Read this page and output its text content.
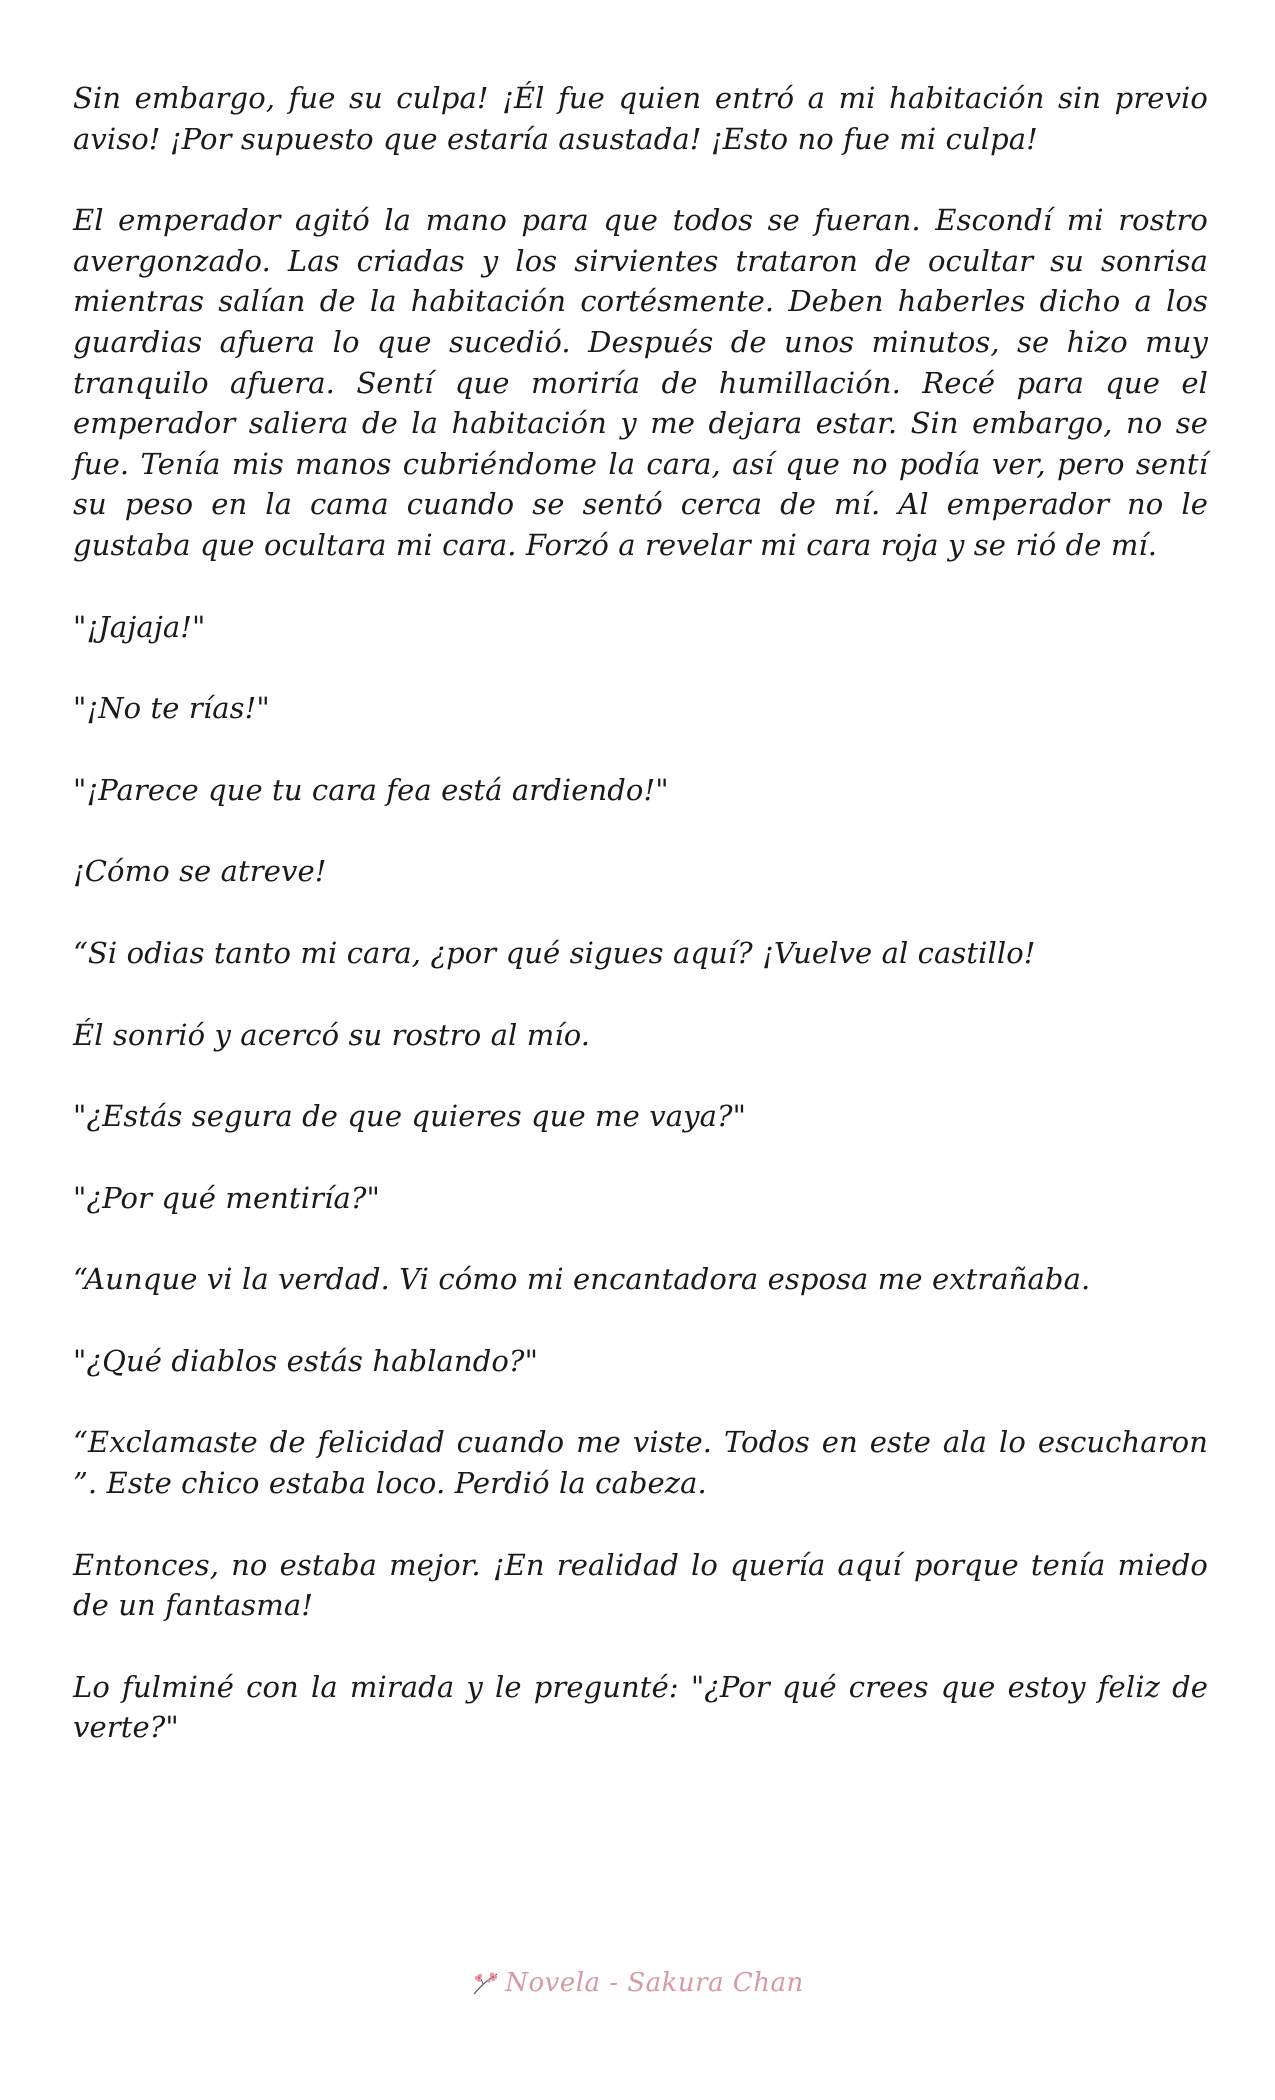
Sin embargo, fue su culpa! ¡Él fue quien entró a mi habitación sin previo aviso! ¡Por supuesto que estaría asustada! ¡Esto no fue mi culpa!

El emperador agitó la mano para que todos se fueran. Escondí mi rostro avergonzado. Las criadas y los sirvientes trataron de ocultar su sonrisa mientras salían de la habitación cortésmente. Deben haberles dicho a los guardias afuera lo que sucedió. Después de unos minutos, se hizo muy tranquilo afuera. Sentí que moriría de humillación. Recé para que el emperador saliera de la habitación y me dejara estar. Sin embargo, no se fue. Tenía mis manos cubriéndome la cara, así que no podía ver, pero sentí su peso en la cama cuando se sentó cerca de mí. Al emperador no le gustaba que ocultara mi cara. Forzó a revelar mi cara roja y se rió de mí.

"¡Jajaja!"

"¡No te rías!"

"¡Parece que tu cara fea está ardiendo!"

¡Cómo se atreve!

“Si odias tanto mi cara, ¿por qué sigues aquí? ¡Vuelve al castillo!

Él sonrió y acercó su rostro al mío.

"¿Estás segura de que quieres que me vaya?"

"¿Por qué mentiría?"

“Aunque vi la verdad. Vi cómo mi encantadora esposa me extrañaba.

"¿Qué diablos estás hablando?"

“Exclamaste de felicidad cuando me viste. Todos en este ala lo escucharon ”. Este chico estaba loco. Perdió la cabeza.

Entonces, no estaba mejor. ¡En realidad lo quería aquí porque tenía miedo de un fantasma!

Lo fulminé con la mirada y le pregunté: "¿Por qué crees que estoy feliz de verte?"

Novela - Sakura Chan
